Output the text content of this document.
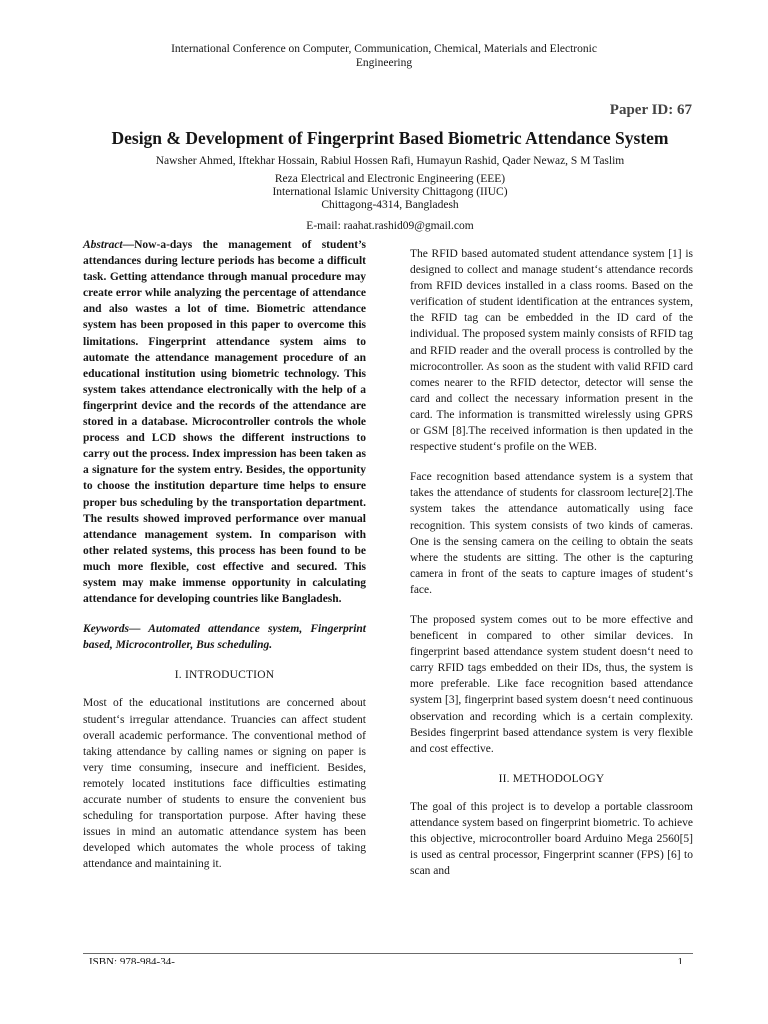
International Conference on Computer, Communication, Chemical, Materials and Electronic
Engineering
Paper ID: 67
Design & Development of Fingerprint Based Biometric Attendance System
Nawsher Ahmed, Iftekhar Hossain, Rabiul Hossen Rafi, Humayun Rashid, Qader Newaz, S M Taslim
Reza Electrical and Electronic Engineering (EEE)
International Islamic University Chittagong (IIUC)
Chittagong-4314, Bangladesh
E-mail: raahat.rashid09@gmail.com

Abstract—Now-a-days the management of student’s attendances during lecture periods has become a difficult task. Getting attendance through manual procedure may create error while analyzing the percentage of attendance and also wastes a lot of time. Biometric attendance system has been proposed in this paper to overcome this limitations. Fingerprint attendance system aims to automate the attendance management procedure of an educational institution using biometric technology. This system takes attendance electronically with the help of a fingerprint device and the records of the attendance are stored in a database. Microcontroller controls the whole process and LCD shows the different instructions to carry out the process. Index impression has been taken as a signature for the system entry. Besides, the opportunity to choose the institution departure time helps to ensure proper bus scheduling by the transportation department. The results showed improved performance over manual attendance management system. In comparison with other related systems, this process has been found to be much more flexible, cost effective and secured. This system may make immense opportunity in calculating attendance for developing countries like Bangladesh.

Keywords— Automated attendance system, Fingerprint based, Microcontroller, Bus scheduling.

I. INTRODUCTION

Most of the educational institutions are concerned about student‘s irregular attendance. Truancies can affect student overall academic performance. The conventional method of taking attendance by calling names or signing on paper is very time consuming, insecure and inefficient. Besides, remotely located institutions face difficulties estimating accurate number of students to ensure the convenient bus scheduling for transportation purpose. After having these issues in mind an automatic attendance system has been developed which automates the whole process of taking attendance and maintaining it.

The RFID based automated student attendance system [1] is designed to collect and manage student‘s attendance records from RFID devices installed in a class rooms. Based on the verification of student identification at the entrances system, the RFID tag can be embedded in the ID card of the individual. The proposed system mainly consists of RFID tag and RFID reader and the overall process is controlled by the microcontroller. As soon as the student with valid RFID card comes nearer to the RFID detector, detector will sense the card and collect the necessary information present in the card. The information is transmitted wirelessly using GPRS or GSM [8].The received information is then updated in the respective student‘s profile on the WEB.

Face recognition based attendance system is a system that takes the attendance of students for classroom lecture[2].The system takes the attendance automatically using face recognition. This system consists of two kinds of cameras. One is the sensing camera on the ceiling to obtain the seats where the students are sitting. The other is the capturing camera in front of the seats to capture images of student‘s face.

The proposed system comes out to be more effective and beneficent in compared to other similar devices. In fingerprint based attendance system student doesn‘t need to carry RFID tags embedded on their IDs, thus, the system is more preferable. Like face recognition based attendance system [3], fingerprint based system doesn‘t need continuous observation and recording which is a certain complexity. Besides fingerprint based attendance system is very flexible and cost effective.

II. METHODOLOGY

The goal of this project is to develop a portable classroom attendance system based on fingerprint biometric. To achieve this objective, microcontroller board Arduino Mega 2560[5] is used as central processor, Fingerprint scanner (FPS) [6] to scan and

ISBN: 978-984-34-	1
